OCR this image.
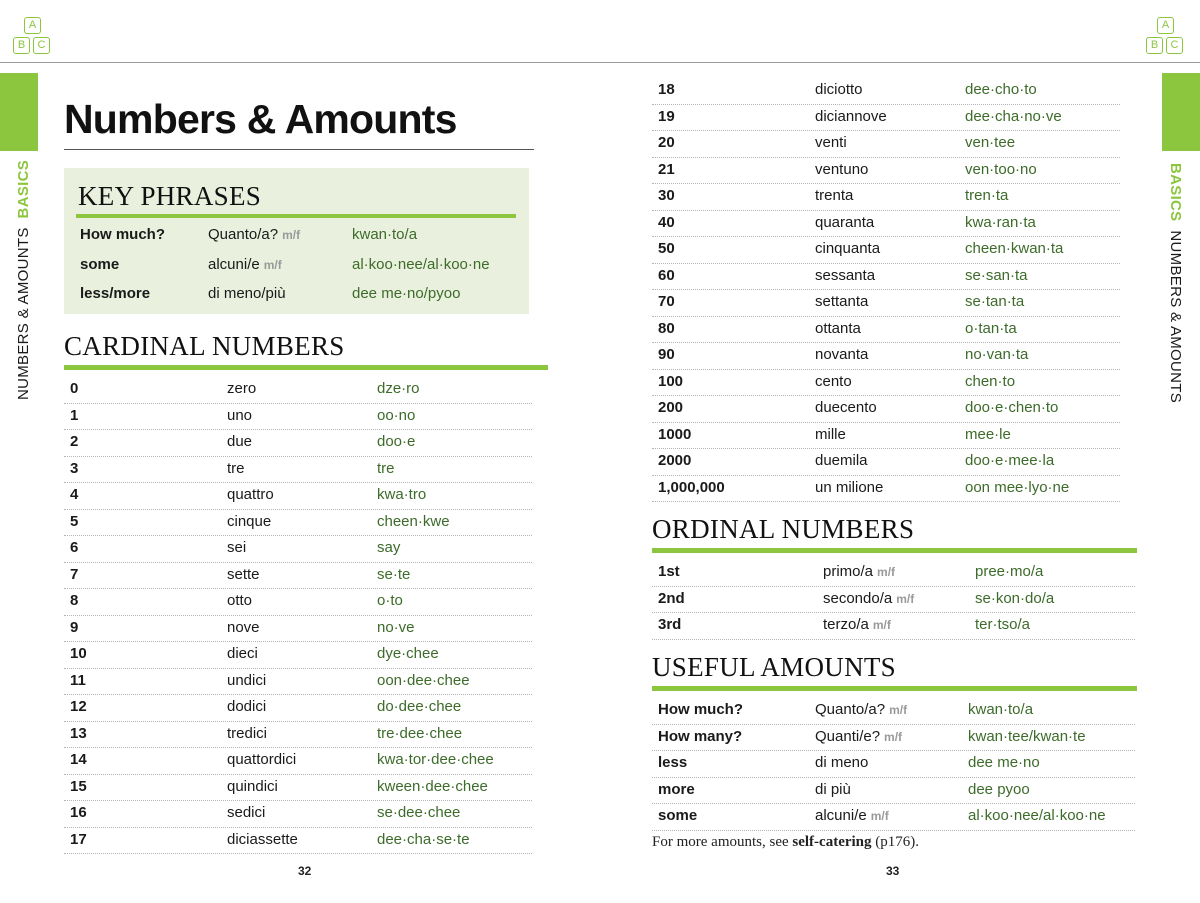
A
B	C
A
B	C
NUMBERS & AMOUNTS  BASICS	BASICS  NUMBERS & AMOUNTS
Numbers & Amounts
KEY PHRASES
How much?	Quanto/a? m/f	kwan·to/a
some	alcuni/e m/f	al·koo·nee/al·koo·ne
less/more	di meno/più	dee me·no/pyoo
CARDINAL NUMBERS
0	zero	dze·ro
1	uno	oo·no
2	due	doo·e
3	tre	tre
4	quattro	kwa·tro
5	cinque	cheen·kwe
6	sei	say
7	sette	se·te
8	otto	o·to
9	nove	no·ve
10	dieci	dye·chee
11	undici	oon·dee·chee
12	dodici	do·dee·chee
13	tredici	tre·dee·chee
14	quattordici	kwa·tor·dee·chee
15	quindici	kween·dee·chee
16	sedici	se·dee·chee
17	diciassette	dee·cha·se·te
32
18	diciotto	dee·cho·to
19	diciannove	dee·cha·no·ve
20	venti	ven·tee
21	ventuno	ven·too·no
30	trenta	tren·ta
40	quaranta	kwa·ran·ta
50	cinquanta	cheen·kwan·ta
60	sessanta	se·san·ta
70	settanta	se·tan·ta
80	ottanta	o·tan·ta
90	novanta	no·van·ta
100	cento	chen·to
200	duecento	doo·e·chen·to
1000	mille	mee·le
2000	duemila	doo·e·mee·la
1,000,000	un milione	oon mee·lyo·ne
ORDINAL NUMBERS
1st	primo/a m/f	pree·mo/a
2nd	secondo/a m/f	se·kon·do/a
3rd	terzo/a m/f	ter·tso/a
USEFUL AMOUNTS
How much?	Quanto/a? m/f	kwan·to/a
How many?	Quanti/e? m/f	kwan·tee/kwan·te
less	di meno	dee me·no
more	di più	dee pyoo
some	alcuni/e m/f	al·koo·nee/al·koo·ne
For more amounts, see self-catering (p176).
33
